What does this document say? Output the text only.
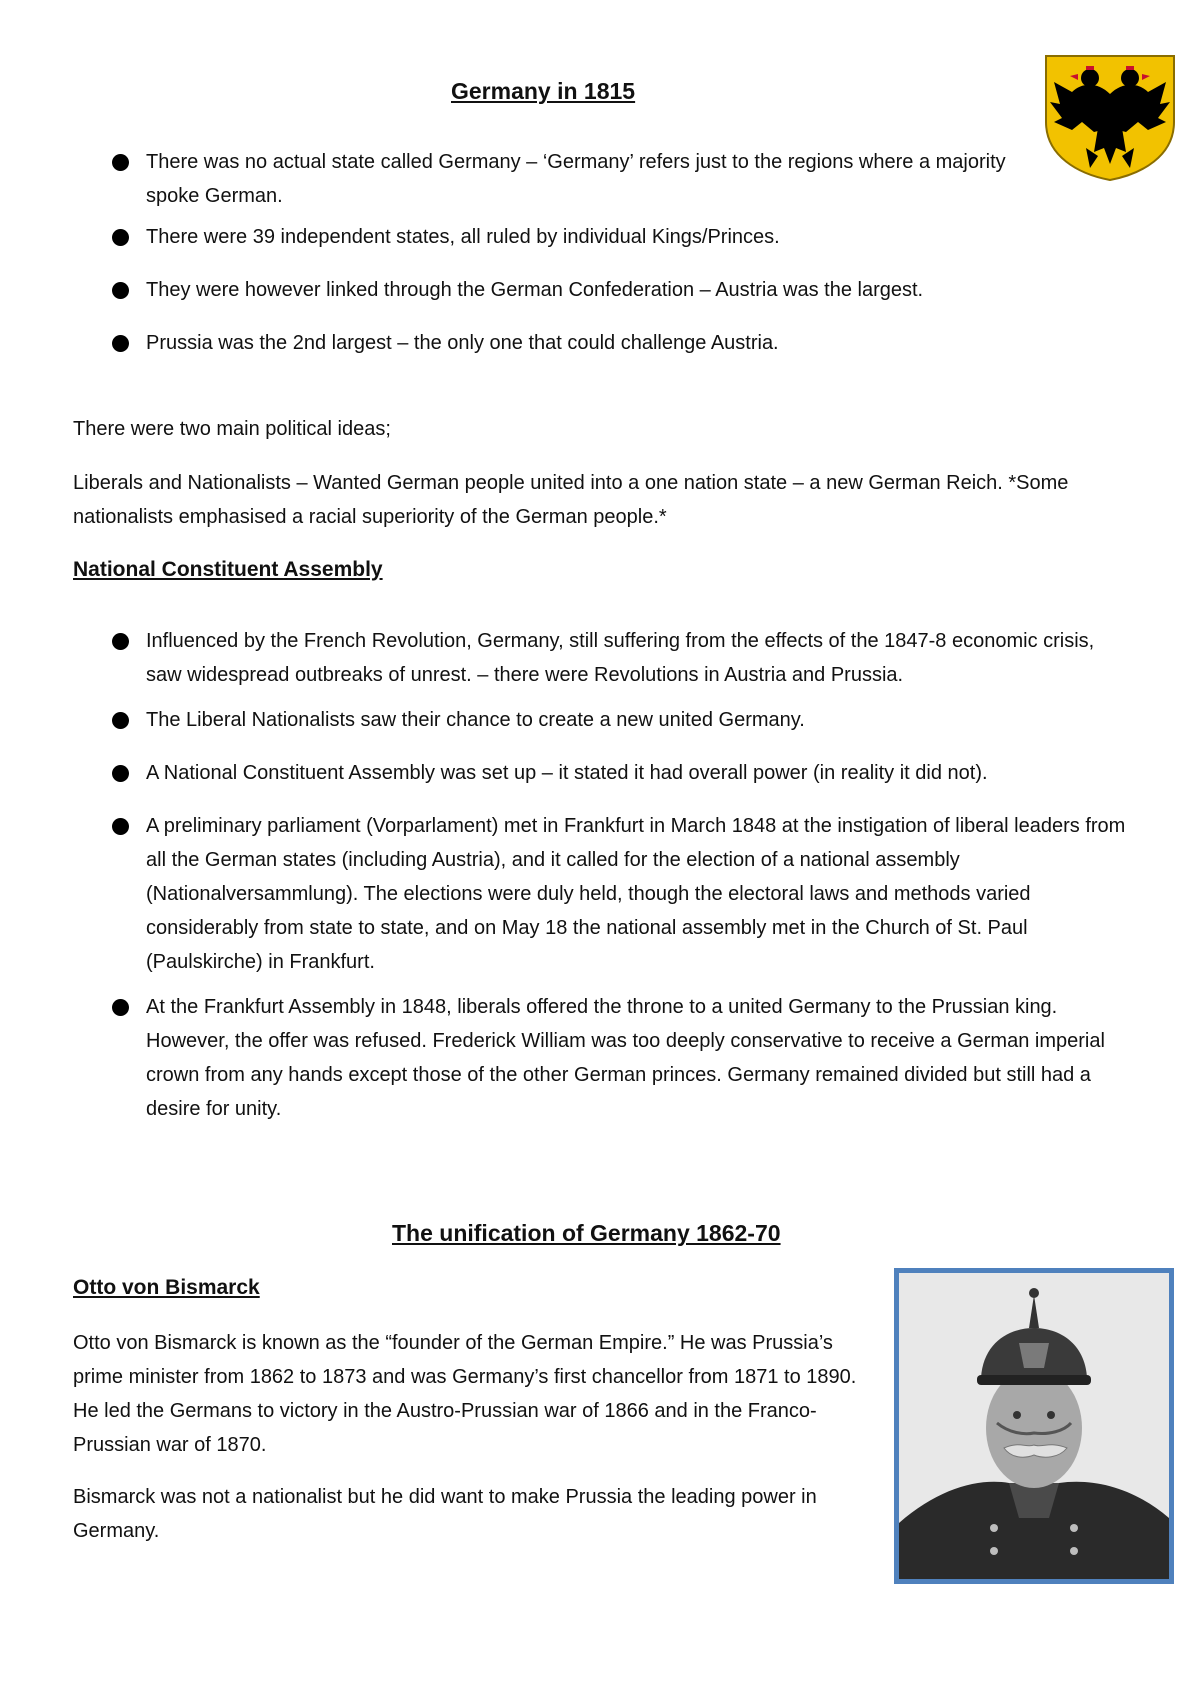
Germany in 1815
There was no actual state called Germany – ‘Germany’ refers just to the regions where a majority spoke German.
There were 39 independent states, all ruled by individual Kings/Princes.
They were however linked through the German Confederation – Austria was the largest.
Prussia was the 2nd largest – the only one that could challenge Austria.

There were two main political ideas;

Liberals and Nationalists – Wanted German people united into a one nation state – a new German Reich. *Some nationalists emphasised a racial superiority of the German people.*

National Constituent Assembly
Influenced by the French Revolution, Germany, still suffering from the effects of the 1847-8 economic crisis, saw widespread outbreaks of unrest. – there were Revolutions in Austria and Prussia.
The Liberal Nationalists saw their chance to create a new united Germany.
A National Constituent Assembly was set up – it stated it had overall power (in reality it did not).
A preliminary parliament (Vorparlament) met in Frankfurt in March 1848 at the instigation of liberal leaders from all the German states (including Austria), and it called for the election of a national assembly (Nationalversammlung). The elections were duly held, though the electoral laws and methods varied considerably from state to state, and on May 18 the national assembly met in the Church of St. Paul (Paulskirche) in Frankfurt.
At the Frankfurt Assembly in 1848, liberals offered the throne to a united Germany to the Prussian king. However, the offer was refused. Frederick William was too deeply conservative to receive a German imperial crown from any hands except those of the other German princes. Germany remained divided but still had a desire for unity.
The unification of Germany 1862-70
Otto von Bismarck

Otto von Bismarck is known as the “founder of the German Empire.” He was Prussia’s prime minister from 1862 to 1873 and was Germany’s first chancellor from 1871 to 1890. He led the Germans to victory in the Austro-Prussian war of 1866 and in the Franco-Prussian war of 1870.

Bismarck was not a nationalist but he did want to make Prussia the leading power in Germany.
